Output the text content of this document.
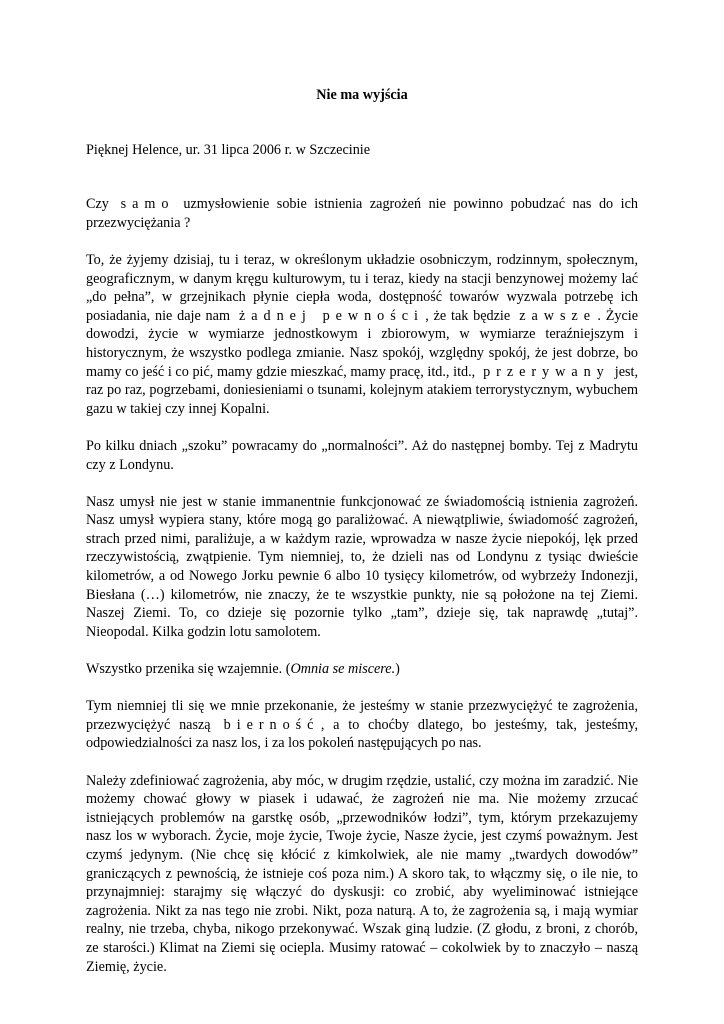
Nie ma wyjścia
Pięknej Helence, ur. 31 lipca 2006 r. w Szczecinie

Czy samo uzmysłowienie sobie istnienia zagrożeń nie powinno pobudzać nas do ich przezwyciężania ?

To, że żyjemy dzisiaj, tu i teraz, w określonym układzie osobniczym, rodzinnym, społecznym, geograficznym, w danym kręgu kulturowym, tu i teraz, kiedy na stacji benzynowej możemy lać „do pełna”, w grzejnikach płynie ciepła woda, dostępność towarów wyzwala potrzebę ich posiadania, nie daje nam żadnej pewności, że tak będzie zawsze. Życie dowodzi, życie w wymiarze jednostkowym i zbiorowym, w wymiarze teraźniejszym i historycznym, że wszystko podlega zmianie. Nasz spokój, względny spokój, że jest dobrze, bo mamy co jeść i co pić, mamy gdzie mieszkać, mamy pracę, itd., itd., przerywany jest, raz po raz, pogrzebami, doniesieniami o tsunami, kolejnym atakiem terrorystycznym, wybuchem gazu w takiej czy innej Kopalni.

Po kilku dniach „szoku” powracamy do „normalności”. Aż do następnej bomby. Tej z Madrytu czy z Londynu.

Nasz umysł nie jest w stanie immanentnie funkcjonować ze świadomością istnienia zagrożeń. Nasz umysł wypiera stany, które mogą go paraliżować. A niewątpliwie, świadomość zagrożeń, strach przed nimi, paraliżuje, a w każdym razie, wprowadza w nasze życie niepokój, lęk przed rzeczywistością, zwątpienie. Tym niemniej, to, że dzieli nas od Londynu z tysiąc dwieście kilometrów, a od Nowego Jorku pewnie 6 albo 10 tysięcy kilometrów, od wybrzeży Indonezji, Biesłana (…) kilometrów, nie znaczy, że te wszystkie punkty, nie są położone na tej Ziemi. Naszej Ziemi. To, co dzieje się pozornie tylko „tam”, dzieje się, tak naprawdę „tutaj”. Nieopodal. Kilka godzin lotu samolotem.

Wszystko przenika się wzajemnie. (Omnia se miscere.)

Tym niemniej tli się we mnie przekonanie, że jesteśmy w stanie przezwyciężyć te zagrożenia, przezwyciężyć naszą bierność, a to choćby dlatego, bo jesteśmy, tak, jesteśmy, odpowiedzialności za nasz los, i za los pokoleń następujących po nas.

Należy zdefiniować zagrożenia, aby móc, w drugim rzędzie, ustalić, czy można im zaradzić. Nie możemy chować głowy w piasek i udawać, że zagrożeń nie ma. Nie możemy zrzucać istniejących problemów na garstkę osób, „przewodników łodzi”, tym, którym przekazujemy nasz los w wyborach. Życie, moje życie, Twoje życie, Nasze życie, jest czymś poważnym. Jest czymś jedynym. (Nie chcę się kłócić z kimkolwiek, ale nie mamy „twardych dowodów” graniczących z pewnością, że istnieje coś poza nim.) A skoro tak, to włączmy się, o ile nie, to przynajmniej: starajmy się włączyć do dyskusji: co zrobić, aby wyeliminować istniejące zagrożenia. Nikt za nas tego nie zrobi. Nikt, poza naturą. A to, że zagrożenia są, i mają wymiar realny, nie trzeba, chyba, nikogo przekonywać. Wszak giną ludzie. (Z głodu, z broni, z chorób, ze starości.) Klimat na Ziemi się ociepla. Musimy ratować – cokolwiek by to znaczyło – naszą Ziemię, życie.
